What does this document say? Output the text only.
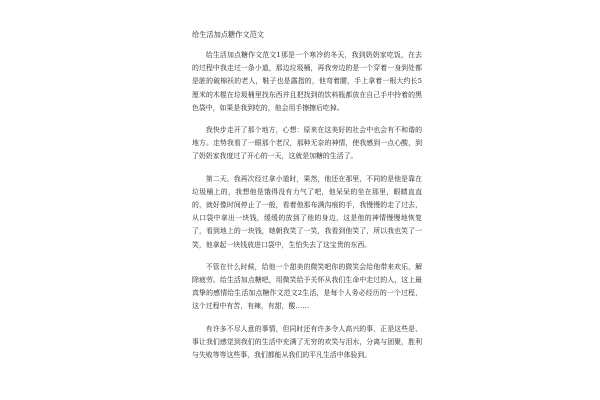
给生活加点糖作文范文

给生活加点糖作文范文1那是一个寒冷的冬天，我到奶奶家吃饭，在去的过程中我走过一条小道，那边垃圾桶，再我旁边的是一个穿着一身到处都是脏的破棉袄的老人，鞋子也是露指的，他弯着腰，手上拿着一根大约长5厘米的木棍在垃圾桶里找东西并且把找到的饮料瓶都放在自己手中拎着的黑色袋中，如果是我到吃的，他会用手擦擦后吃掉。

我快步走开了那个地方，心想：原来在这美好的社会中也会有不和谐的地方。走势我看了一眼那个老汉，那种无奈的神情，使我感到一点心酸，到了奶奶家我度过了开心的一天，这就是加糖的生活了。

第二天，我再次经过拿小道时，果然，他还在那里，不同的是他是靠在垃圾桶上的，我想他是饿得没有力气了吧，他呆呆的坐在那里，眼睛直直的，就好像时间停止了一般，看着他那布满沟痕的手，我慢慢的走了过去，从口袋中拿出一块钱，缓缓的放到了他的身边，这是他的神情慢慢地恢复了，看到地上的一块钱，她朝我笑了一笑，我看到他笑了，所以我也笑了一笑，他拿起一块钱放进口袋中，生怕失去了这宝贵的东西。

不管在什么时候，给他一个甜美的微笑吧你的微笑会给他带来欢乐，解除疲劳。给生活加点糖吧，用微笑给予关怀从我们生命中走过的人，这上最真挚的感情给生活加点糖作文范文2生活，是每个人务必经历的一个过程，这个过程中有苦，有辣，有甜，酸……

有许多不尽人意的事情，但同时还有许多令人高兴的事，正是这些是、事让我们感觉到我们的生活中充满了无穷的欢笑与泪水，分离与团聚，胜利与失败等等这些事，我们都能从我们的平凡生活中体验到。
